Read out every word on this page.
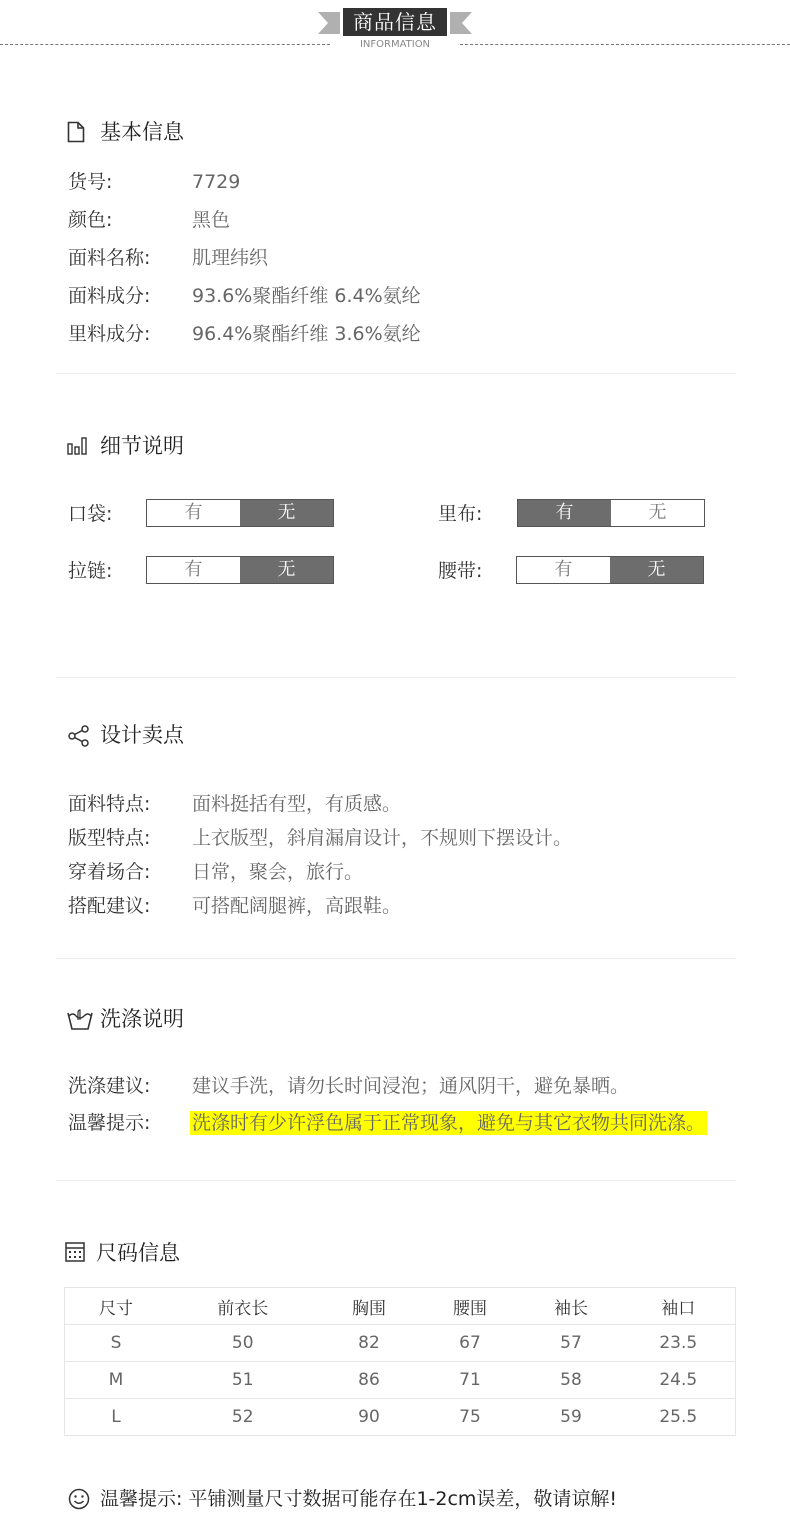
商品信息
INFORMATION
基本信息
货号:	7729
颜色:	黑色
面料名称: 肌理纬织
面料成分: 93.6%聚酯纤维 6.4%氨纶
里料成分: 96.4%聚酯纤维 3.6%氨纶
细节说明
口袋:	有	无	里布:	有	无
拉链:	有	无	腰带:	有	无
设计卖点
面料特点: 面料挺括有型，有质感。
版型特点: 上衣版型，斜肩漏肩设计，不规则下摆设计。
穿着场合: 日常，聚会，旅行。
搭配建议: 可搭配阔腿裤，高跟鞋。
洗涤说明
洗涤建议: 建议手洗，请勿长时间浸泡；通风阴干，避免暴晒。
温馨提示: 洗涤时有少许浮色属于正常现象，避免与其它衣物共同洗涤。
尺码信息
尺寸	前衣长	胸围	腰围	袖长	袖口
S	50	82	67	57	23.5
M	51	86	71	58	24.5
L	52	90	75	59	25.5
温馨提示: 平铺测量尺寸数据可能存在1-2cm误差，敬请谅解!
